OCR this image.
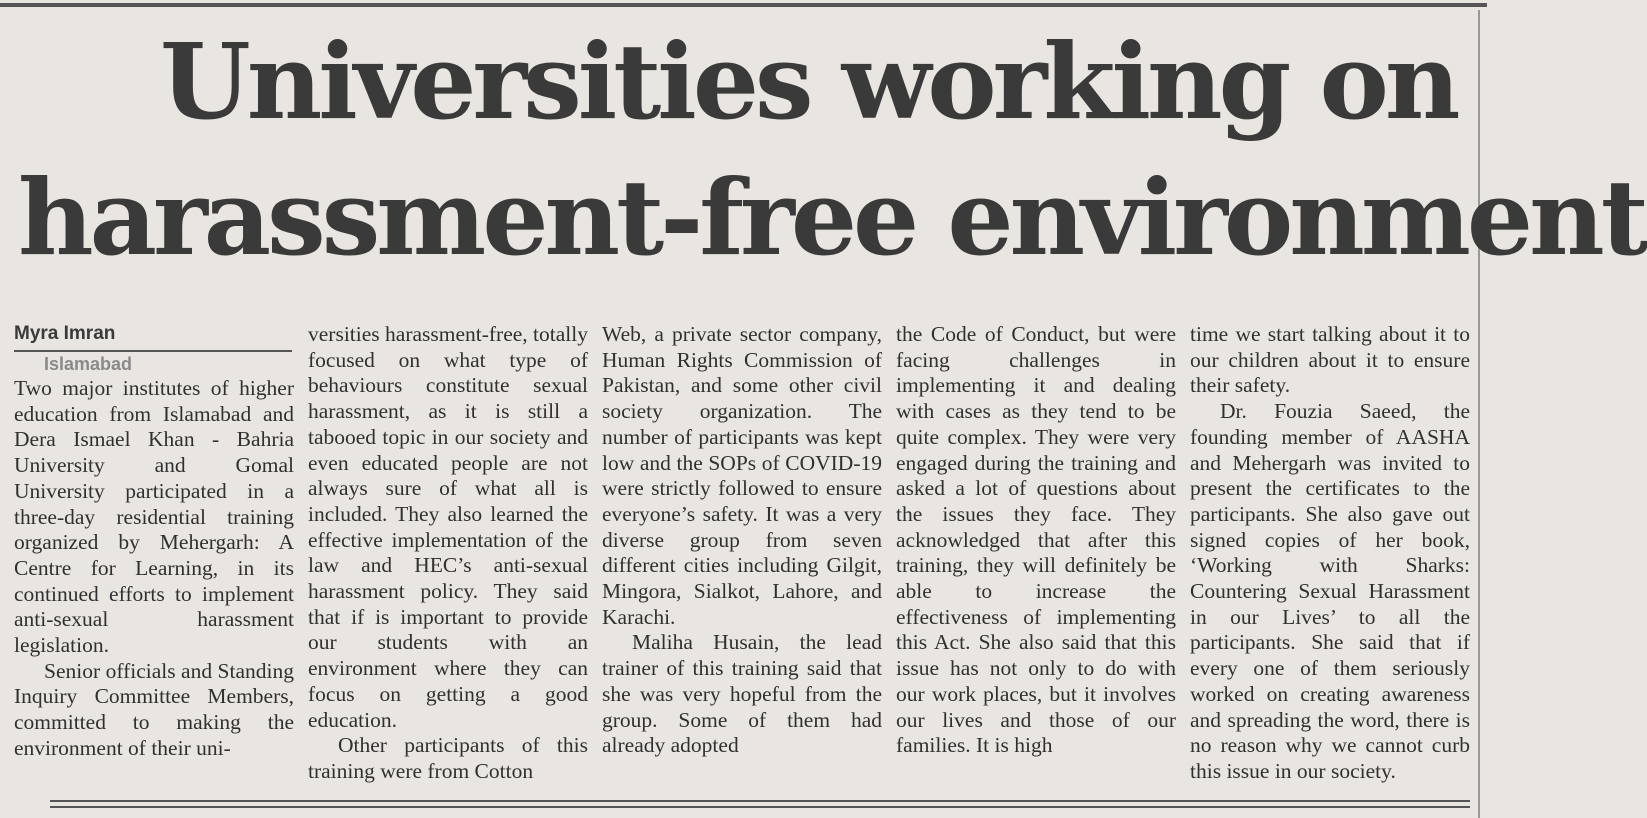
Universities working on
harassment-free environment

Myra Imran

Islamabad

Two major institutes of higher education from Islamabad and Dera Ismael Khan - Bahria University and Gomal University participated in a three-day residential training organized by Mehergarh: A Centre for Learning, in its continued efforts to implement anti-sexual harassment legislation.

Senior officials and Standing Inquiry Committee Members, committed to making the environment of their uni-

versities harassment-free, totally focused on what type of behaviours constitute sexual harassment, as it is still a tabooed topic in our society and even educated people are not always sure of what all is included. They also learned the effective implementation of the law and HEC’s anti-sexual harassment policy. They said that if is important to provide our students with an environment where they can focus on getting a good education.

Other participants of this training were from Cotton

Web, a private sector company, Human Rights Commission of Pakistan, and some other civil society organization. The number of participants was kept low and the SOPs of COVID-19 were strictly followed to ensure everyone’s safety. It was a very diverse group from seven different cities including Gilgit, Mingora, Sialkot, Lahore, and Karachi.

Maliha Husain, the lead trainer of this training said that she was very hopeful from the group. Some of them had already adopted

the Code of Conduct, but were facing challenges in implementing it and dealing with cases as they tend to be quite complex. They were very engaged during the training and asked a lot of questions about the issues they face. They acknowledged that after this training, they will definitely be able to increase the effectiveness of implementing this Act. She also said that this issue has not only to do with our work places, but it involves our lives and those of our families. It is high

time we start talking about it to our children about it to ensure their safety.

Dr. Fouzia Saeed, the founding member of AASHA and Mehergarh was invited to present the certificates to the participants. She also gave out signed copies of her book, ‘Working with Sharks: Countering Sexual Harassment in our Lives’ to all the participants. She said that if every one of them seriously worked on creating awareness and spreading the word, there is no reason why we cannot curb this issue in our society.
